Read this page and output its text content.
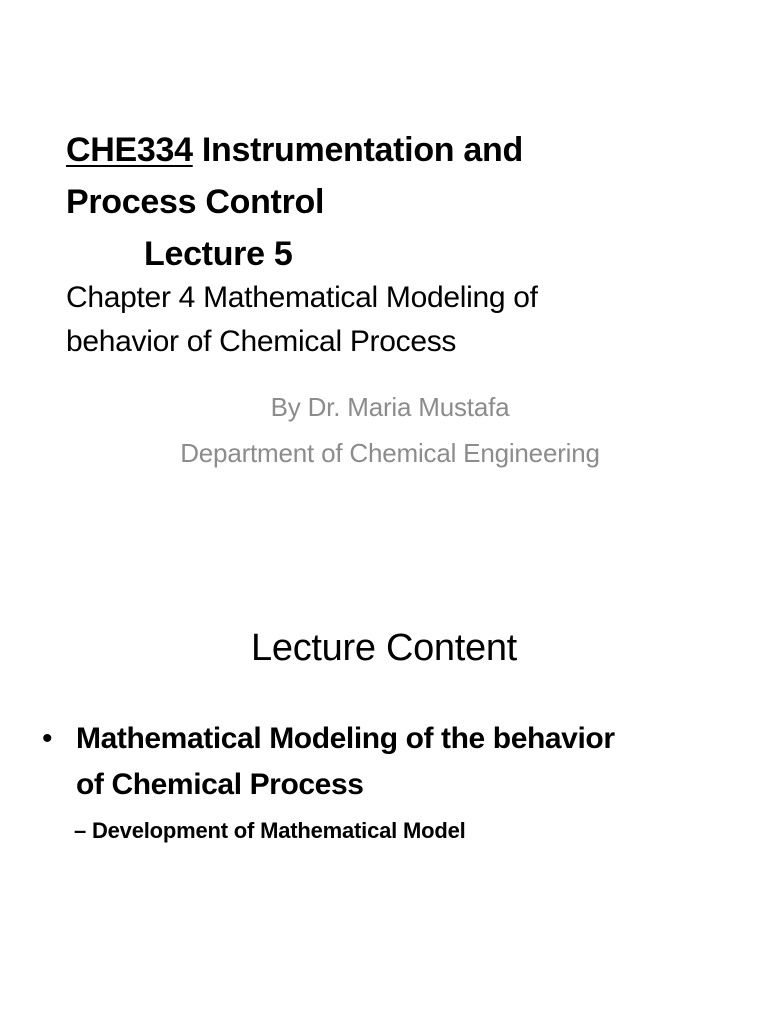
CHE334 Instrumentation and
Process Control
Lecture 5
Chapter 4 Mathematical Modeling of
behavior of Chemical Process
By Dr. Maria Mustafa
Department of Chemical Engineering
Lecture Content
• Mathematical Modeling of the behavior
of Chemical Process
– Development of Mathematical Model
